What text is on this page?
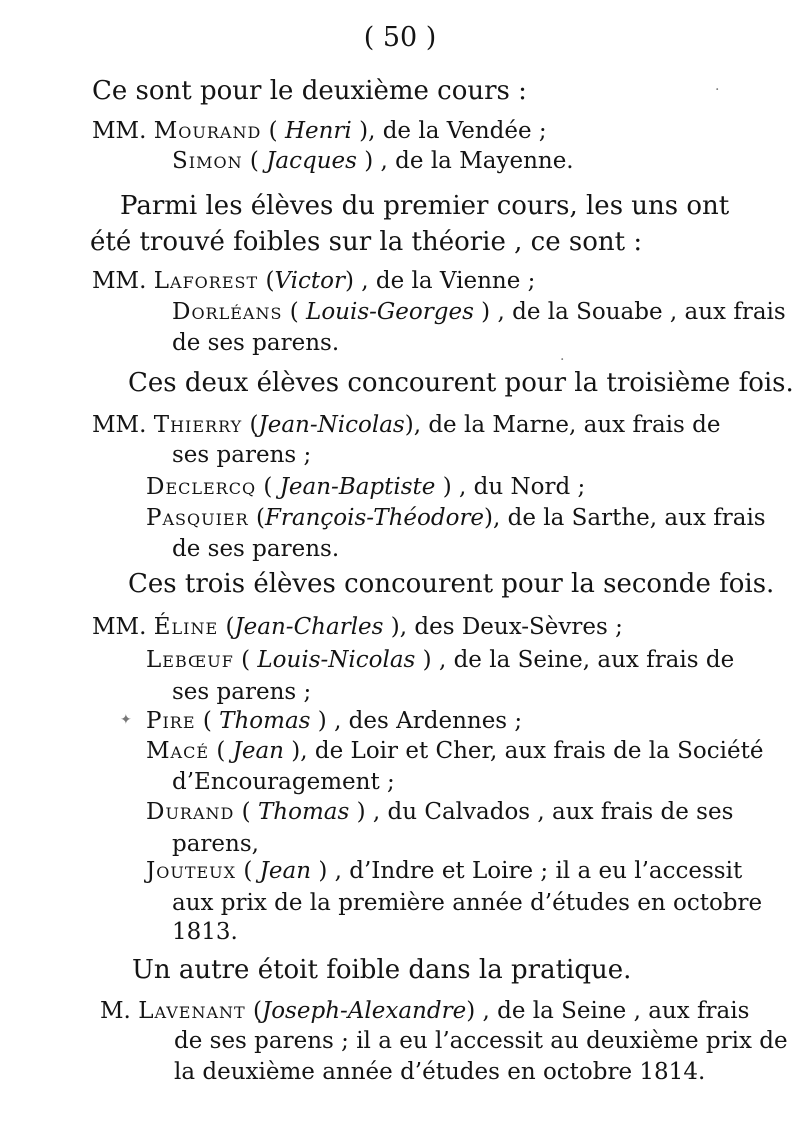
( 50 )
Ce sont pour le deuxième cours :
MM. Mourand ( Henri ), de la Vendée ;
Simon ( Jacques ) , de la Mayenne.
Parmi les élèves du premier cours, les uns ont
été trouvé foibles sur la théorie , ce sont :
MM. Laforest (Victor) , de la Vienne ;
Dorléans ( Louis-Georges ) , de la Souabe , aux frais
de ses parens.
Ces deux élèves concourent pour la troisième fois.
MM. Thierry (Jean-Nicolas), de la Marne, aux frais de
ses parens ;
Declercq ( Jean-Baptiste ) , du Nord ;
Pasquier (François-Théodore), de la Sarthe, aux frais
de ses parens.
Ces trois élèves concourent pour la seconde fois.
MM. Éline (Jean-Charles ), des Deux-Sèvres ;
Lebœuf ( Louis-Nicolas ) , de la Seine, aux frais de
ses parens ;
Pire ( Thomas ) , des Ardennes ;
Macé ( Jean ), de Loir et Cher, aux frais de la Société
d’Encouragement ;
Durand ( Thomas ) , du Calvados , aux frais de ses
parens,
Jouteux ( Jean ) , d’Indre et Loire ; il a eu l’accessit
aux prix de la première année d’études en octobre
1813.
Un autre étoit foible dans la pratique.
M. Lavenant (Joseph-Alexandre) , de la Seine , aux frais
de ses parens ; il a eu l’accessit au deuxième prix de
la deuxième année d’études en octobre 1814.
·
·
✦
